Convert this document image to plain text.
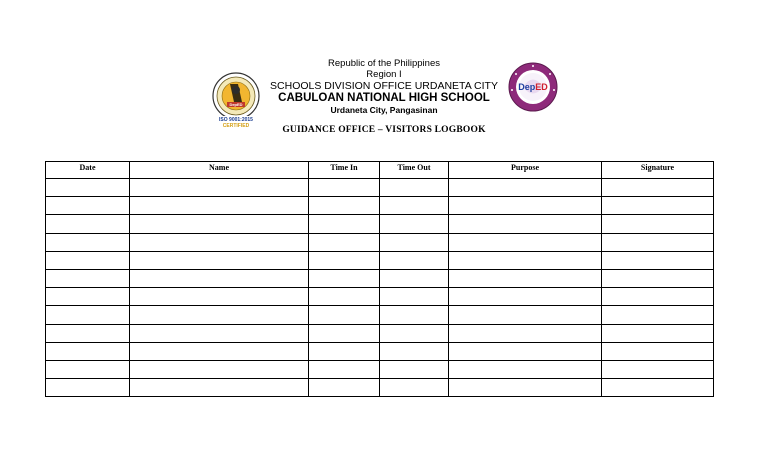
Republic of the Philippines
Region I
SCHOOLS DIVISION OFFICE URDANETA CITY
CABULOAN NATIONAL HIGH SCHOOL
Urdaneta City, Pangasinan
DepED
ISO 9001:2015
CERTIFIED
DepED
GUIDANCE OFFICE – VISITORS LOGBOOK
Date	Name	Time In	Time Out	Purpose	Signature
